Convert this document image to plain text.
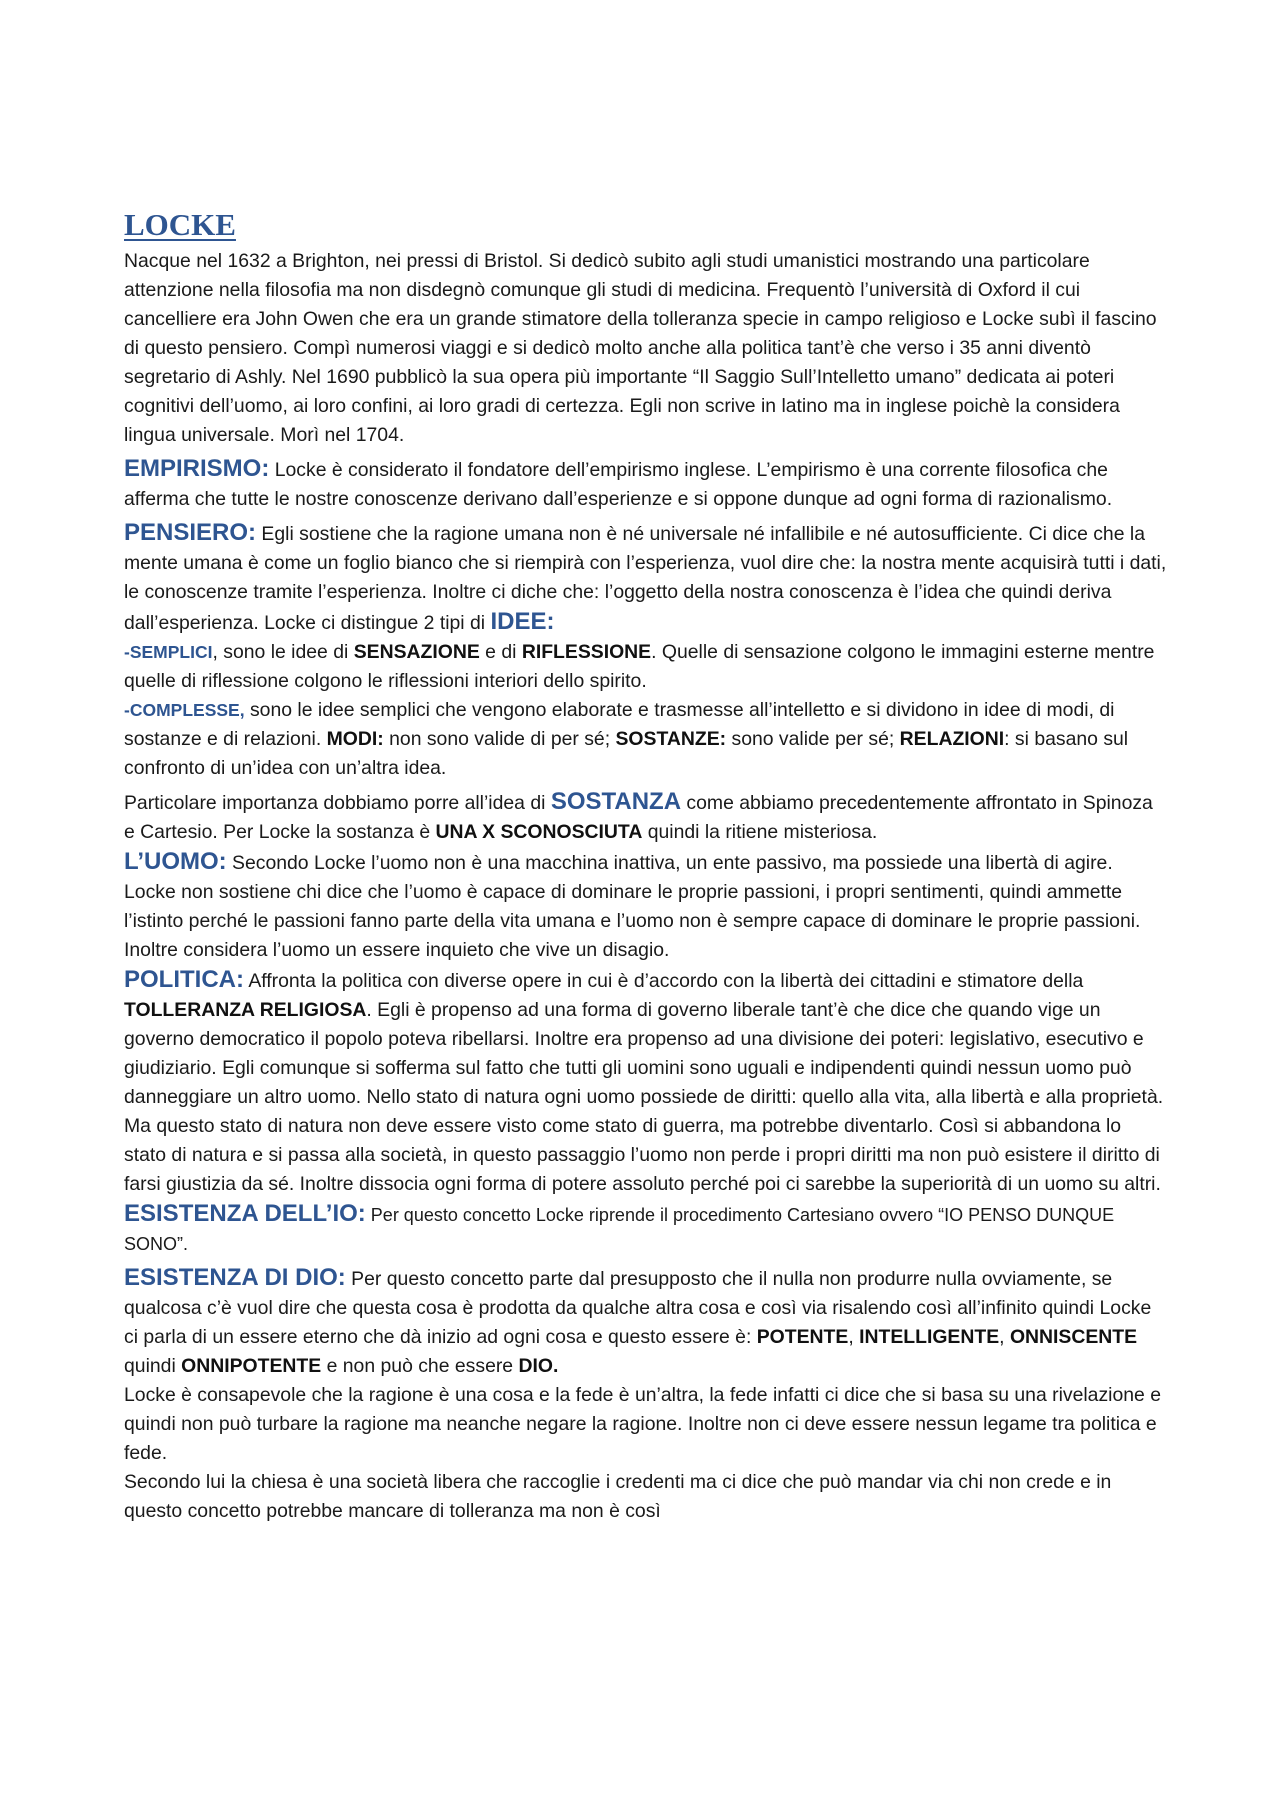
LOCKE

Nacque nel 1632 a Brighton, nei pressi di Bristol. Si dedicò subito agli studi umanistici mostrando una particolare attenzione nella filosofia ma non disdegnò comunque gli studi di medicina. Frequentò l’università di Oxford il cui cancelliere era John Owen che era un grande stimatore della tolleranza specie in campo religioso e Locke subì il fascino di questo pensiero. Compì numerosi viaggi e si dedicò molto anche alla politica tant’è che verso i 35 anni diventò segretario di Ashly. Nel 1690 pubblicò la sua opera più importante “Il Saggio Sull’Intelletto umano” dedicata ai poteri cognitivi dell’uomo, ai loro confini, ai loro gradi di certezza. Egli non scrive in latino ma in inglese poichè la considera lingua universale. Morì nel 1704.

EMPIRISMO: Locke è considerato il fondatore dell’empirismo inglese. L’empirismo è una corrente filosofica che afferma che tutte le nostre conoscenze derivano dall’esperienze e si oppone dunque ad ogni forma di razionalismo.

PENSIERO: Egli sostiene che la ragione umana non è né universale né infallibile e né autosufficiente. Ci dice che la mente umana è come un foglio bianco che si riempirà con l’esperienza, vuol dire che: la nostra mente acquisirà tutti i dati, le conoscenze tramite l’esperienza. Inoltre ci diche che: l’oggetto della nostra conoscenza è l’idea che quindi deriva dall’esperienza. Locke ci distingue 2 tipi di IDEE:

-SEMPLICI, sono le idee di SENSAZIONE e di RIFLESSIONE. Quelle di sensazione colgono le immagini esterne mentre quelle di riflessione colgono le riflessioni interiori dello spirito.

-COMPLESSE, sono le idee semplici che vengono elaborate e trasmesse all’intelletto e si dividono in idee di modi, di sostanze e di relazioni. MODI: non sono valide di per sé; SOSTANZE: sono valide per sé; RELAZIONI: si basano sul confronto di un’idea con un’altra idea.

Particolare importanza dobbiamo porre all’idea di SOSTANZA come abbiamo precedentemente affrontato in Spinoza e Cartesio. Per Locke la sostanza è UNA X SCONOSCIUTA quindi la ritiene misteriosa.

L’UOMO: Secondo Locke l’uomo non è una macchina inattiva, un ente passivo, ma possiede una libertà di agire. Locke non sostiene chi dice che l’uomo è capace di dominare le proprie passioni, i propri sentimenti, quindi ammette l’istinto perché le passioni fanno parte della vita umana e l’uomo non è sempre capace di dominare le proprie passioni. Inoltre considera l’uomo un essere inquieto che vive un disagio.

POLITICA: Affronta la politica con diverse opere in cui è d’accordo con la libertà dei cittadini e stimatore della TOLLERANZA RELIGIOSA. Egli è propenso ad una forma di governo liberale tant’è che dice che quando vige un governo democratico il popolo poteva ribellarsi. Inoltre era propenso ad una divisione dei poteri: legislativo, esecutivo e giudiziario. Egli comunque si sofferma sul fatto che tutti gli uomini sono uguali e indipendenti quindi nessun uomo può danneggiare un altro uomo. Nello stato di natura ogni uomo possiede de diritti: quello alla vita, alla libertà e alla proprietà. Ma questo stato di natura non deve essere visto come stato di guerra, ma potrebbe diventarlo. Così si abbandona lo stato di natura e si passa alla società, in questo passaggio l’uomo non perde i propri diritti ma non può esistere il diritto di farsi giustizia da sé. Inoltre dissocia ogni forma di potere assoluto perché poi ci sarebbe la superiorità di un uomo su altri.

ESISTENZA DELL’IO: Per questo concetto Locke riprende il procedimento Cartesiano ovvero “IO PENSO DUNQUE SONO”.

ESISTENZA DI DIO: Per questo concetto parte dal presupposto che il nulla non produrre nulla ovviamente, se qualcosa c’è vuol dire che questa cosa è prodotta da qualche altra cosa e così via risalendo così all’infinito quindi Locke ci parla di un essere eterno che dà inizio ad ogni cosa e questo essere è: POTENTE, INTELLIGENTE, ONNISCENTE quindi ONNIPOTENTE e non può che essere DIO.

Locke è consapevole che la ragione è una cosa e la fede è un’altra, la fede infatti ci dice che si basa su una rivelazione e quindi non può turbare la ragione ma neanche negare la ragione. Inoltre non ci deve essere nessun legame tra politica e fede.

Secondo lui la chiesa è una società libera che raccoglie i credenti ma ci dice che può mandar via chi non crede e in questo concetto potrebbe mancare di tolleranza ma non è così
